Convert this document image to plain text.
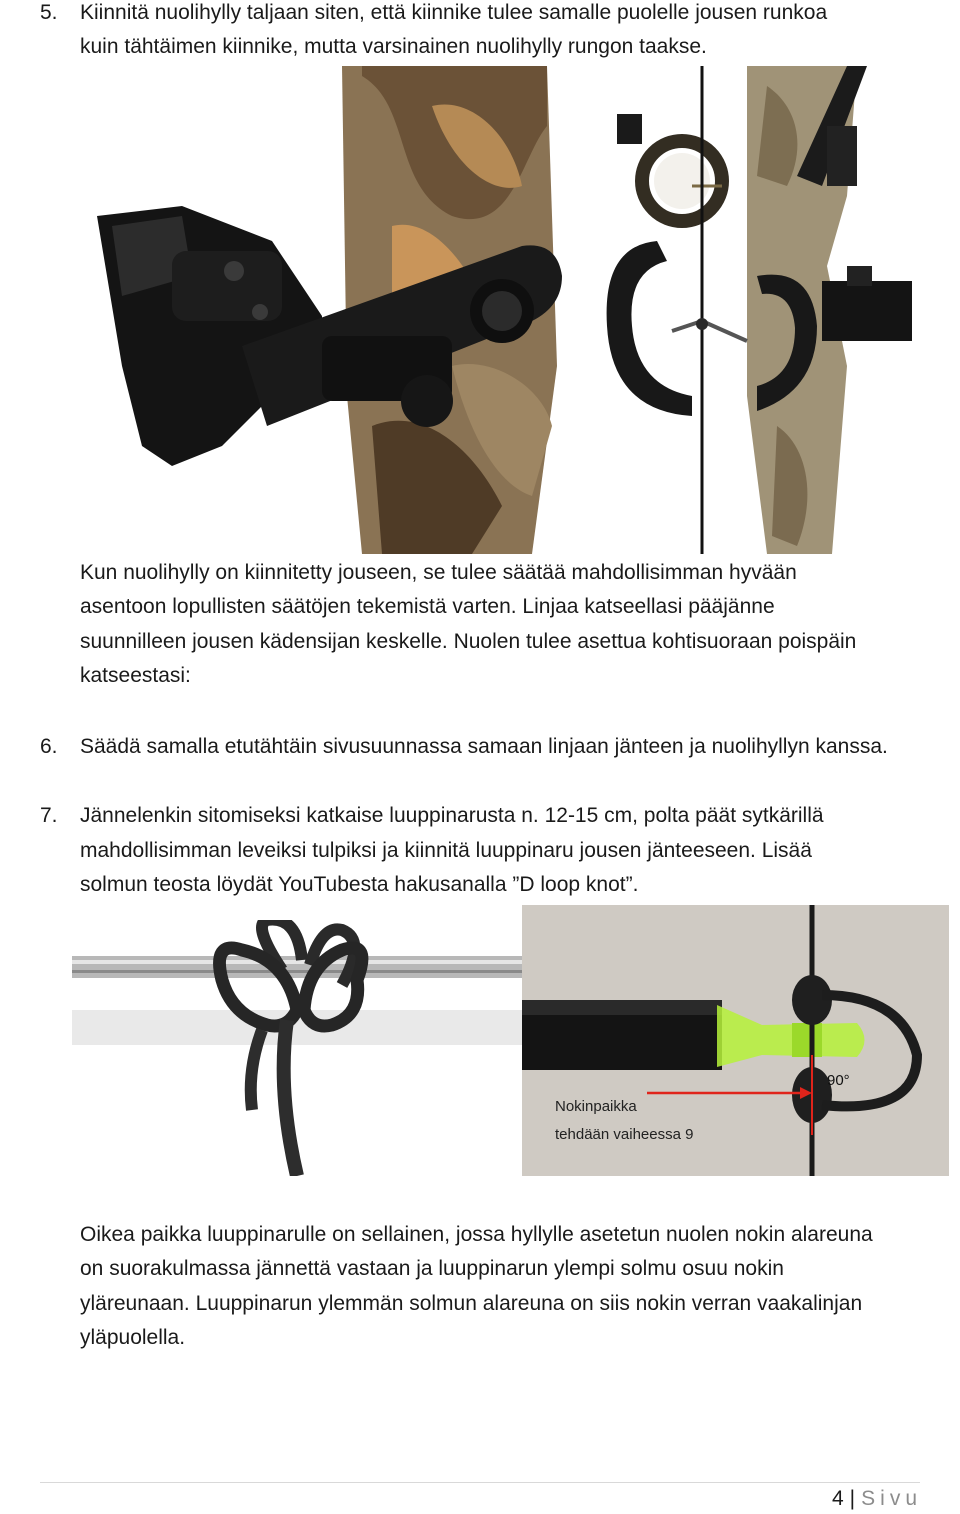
5. Kiinnitä nuolihylly taljaan siten, että kiinnike tulee samalle puolelle jousen runkoa

kuin tähtäimen kiinnike, mutta varsinainen nuolihylly rungon taakse.

Kun nuolihylly on kiinnitetty jouseen, se tulee säätää mahdollisimman hyvään

asentoon lopullisten säätöjen tekemistä varten. Linjaa katseellasi pääjänne

suunnilleen jousen kädensijan keskelle. Nuolen tulee asettua kohtisuoraan poispäin

katseestasi:

6. Säädä samalla etutähtäin sivusuunnassa samaan linjaan jänteen ja nuolihyllyn kanssa.

7. Jännelenkin sitomiseksi katkaise luuppinarusta n. 12-15 cm, polta päät sytkärillä

mahdollisimman leveiksi tulpiksi ja kiinnitä luuppinaru jousen jänteeseen. Lisää

solmun teosta löydät YouTubesta hakusanalla ”D loop knot”.

Nokinpaikka
tehdään vaiheessa 9
90°

Oikea paikka luuppinarulle on sellainen, jossa hyllylle asetetun nuolen nokin alareuna

on suorakulmassa jännettä vastaan ja luuppinarun ylempi solmu osuu nokin

yläreunaan. Luuppinarun ylemmän solmun alareuna on siis nokin verran vaakalinjan

yläpuolella.

4 | Sivu
